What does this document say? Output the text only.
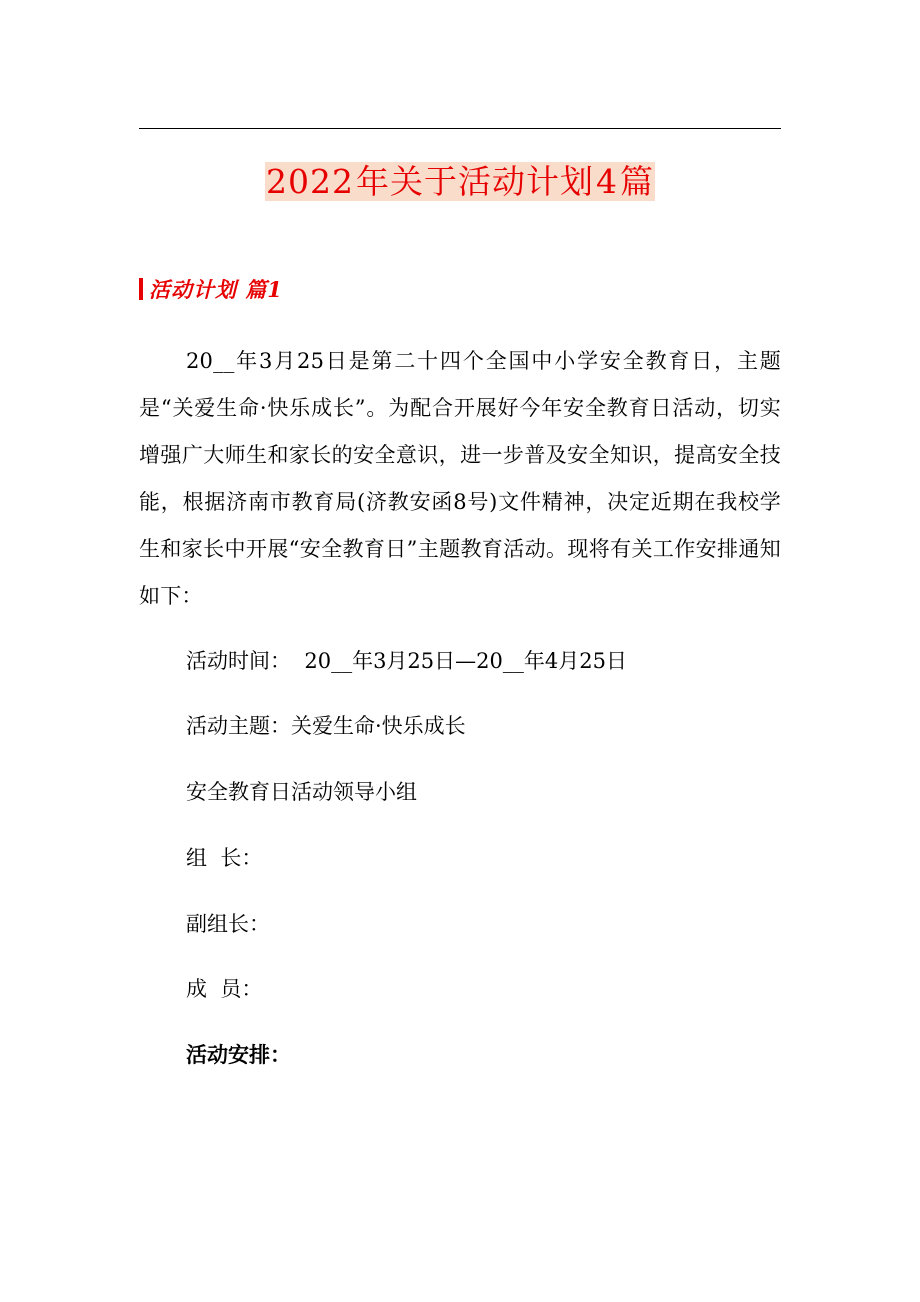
2022年关于活动计划4篇
活动计划 篇1
20__年3月25日是第二十四个全国中小学安全教育日，主题是“关爱生命·快乐成长”。为配合开展好今年安全教育日活动，切实增强广大师生和家长的安全意识，进一步普及安全知识，提高安全技能，根据济南市教育局(济教安函8号)文件精神，决定近期在我校学生和家长中开展“安全教育日”主题教育活动。现将有关工作安排通知如下：
活动时间：  20__年3月25日—20__年4月25日
活动主题：关爱生命·快乐成长
安全教育日活动领导小组
组  长：
副组长：
成  员：
活动安排：
